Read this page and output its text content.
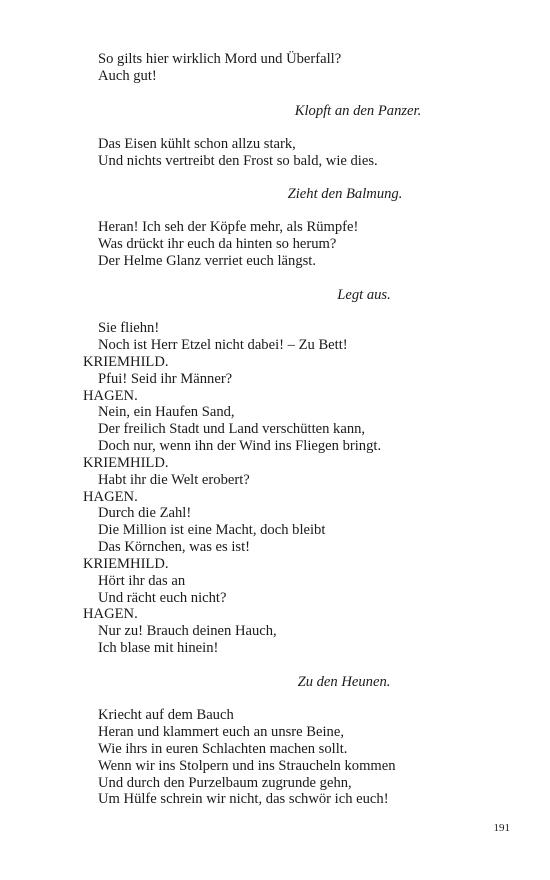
So gilts hier wirklich Mord und Überfall?
Auch gut!
Klopft an den Panzer.
Das Eisen kühlt schon allzu stark,
Und nichts vertreibt den Frost so bald, wie dies.
Zieht den Balmung.
Heran! Ich seh der Köpfe mehr, als Rümpfe!
Was drückt ihr euch da hinten so herum?
Der Helme Glanz verriet euch längst.
Legt aus.
Sie fliehn!
Noch ist Herr Etzel nicht dabei! – Zu Bett!
KRIEMHILD.
Pfui! Seid ihr Männer?
HAGEN.
Nein, ein Haufen Sand,
Der freilich Stadt und Land verschütten kann,
Doch nur, wenn ihn der Wind ins Fliegen bringt.
KRIEMHILD.
Habt ihr die Welt erobert?
HAGEN.
Durch die Zahl!
Die Million ist eine Macht, doch bleibt
Das Körnchen, was es ist!
KRIEMHILD.
Hört ihr das an
Und rächt euch nicht?
HAGEN.
Nur zu! Brauch deinen Hauch,
Ich blase mit hinein!
Zu den Heunen.
Kriecht auf dem Bauch
Heran und klammert euch an unsre Beine,
Wie ihrs in euren Schlachten machen sollt.
Wenn wir ins Stolpern und ins Straucheln kommen
Und durch den Purzelbaum zugrunde gehn,
Um Hülfe schrein wir nicht, das schwör ich euch!
191
